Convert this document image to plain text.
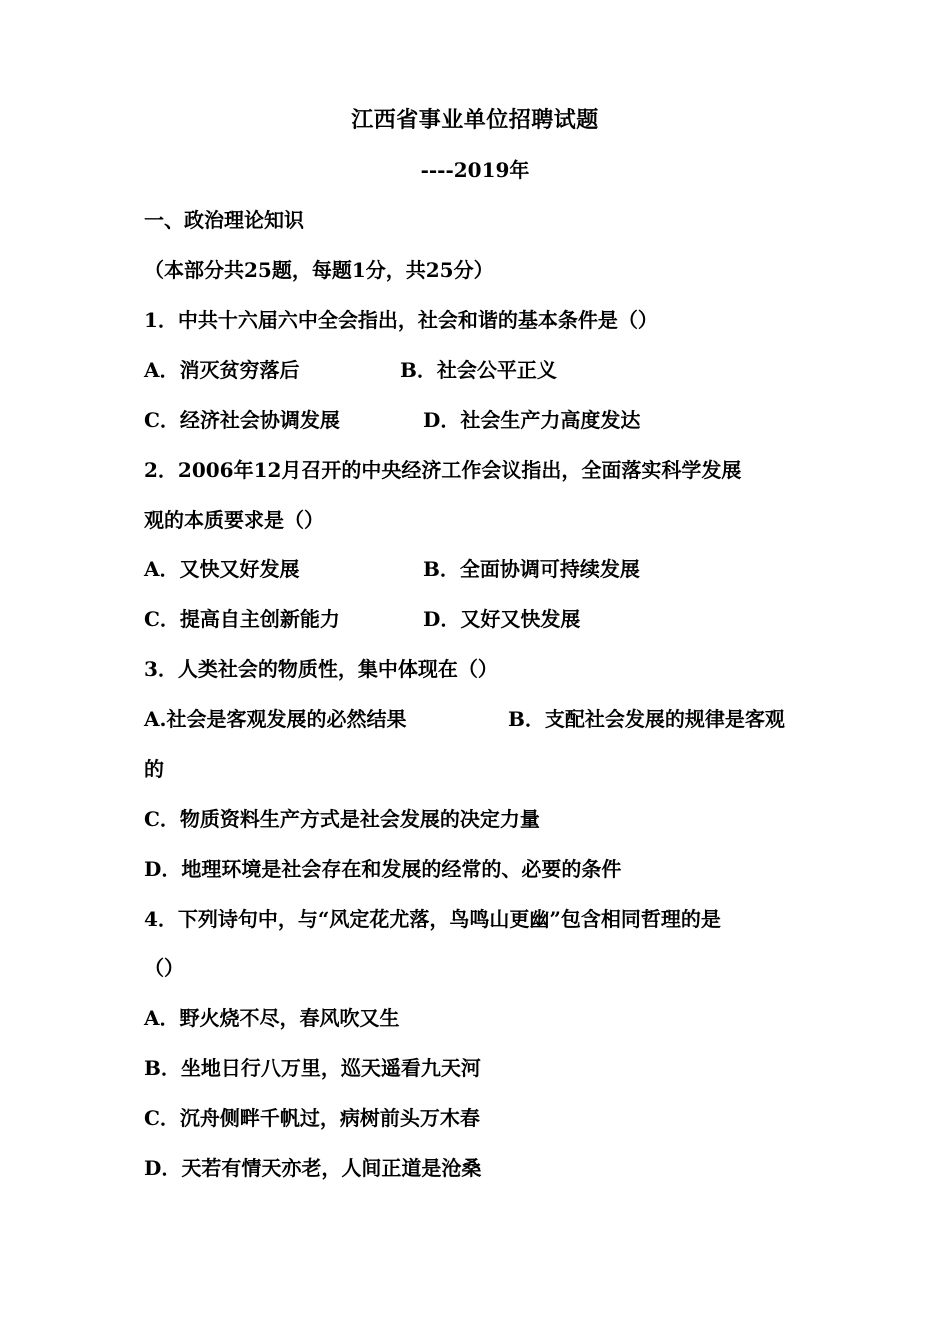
江西省事业单位招聘试题
----2019年
一、政治理论知识
（本部分共25题，每题1分，共25分）
1．中共十六届六中全会指出，社会和谐的基本条件是（）
A．消灭贫穷落后	B．社会公平正义
C．经济社会协调发展	D．社会生产力高度发达
2．2006年12月召开的中央经济工作会议指出，全面落实科学发展
观的本质要求是（）
A．又快又好发展	B．全面协调可持续发展
C．提高自主创新能力	D．又好又快发展
3．人类社会的物质性，集中体现在（）
A.社会是客观发展的必然结果	B．支配社会发展的规律是客观
的
C．物质资料生产方式是社会发展的决定力量
D．地理环境是社会存在和发展的经常的、必要的条件
4．下列诗句中，与“风定花尤落，鸟鸣山更幽”包含相同哲理的是
（）
A．野火烧不尽，春风吹又生
B．坐地日行八万里，巡天遥看九天河
C．沉舟侧畔千帆过，病树前头万木春
D．天若有情天亦老，人间正道是沧桑
